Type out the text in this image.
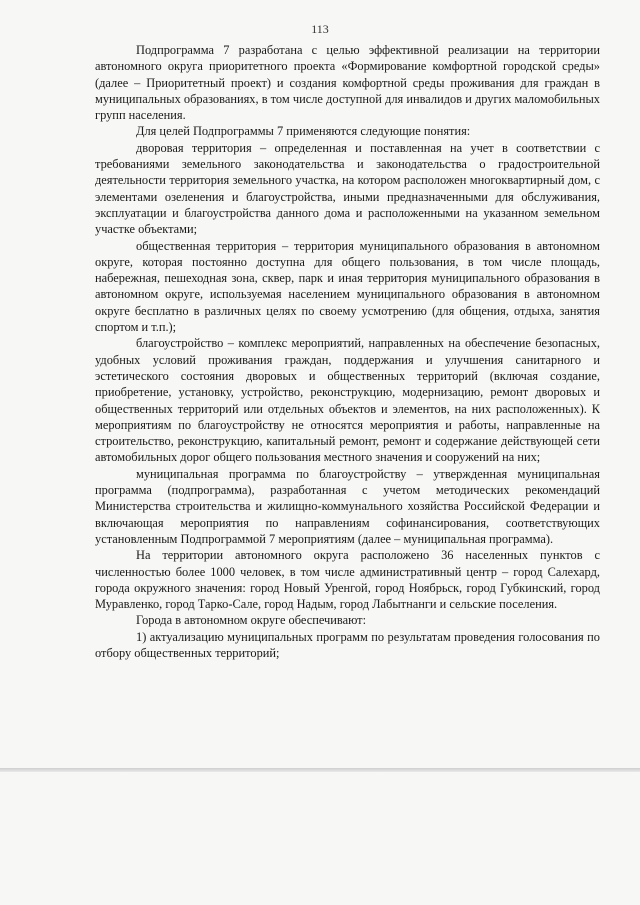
113

Подпрограмма 7 разработана с целью эффективной реализации на территории автономного округа приоритетного проекта «Формирование комфортной городской среды» (далее – Приоритетный проект) и создания комфортной среды проживания для граждан в муниципальных образованиях, в том числе доступной для инвалидов и других маломобильных групп населения.

Для целей Подпрограммы 7 применяются следующие понятия:

дворовая территория – определенная и поставленная на учет в соответствии с требованиями земельного законодательства и законодательства о градостроительной деятельности территория земельного участка, на котором расположен многоквартирный дом, с элементами озеленения и благоустройства, иными предназначенными для обслуживания, эксплуатации и благоустройства данного дома и расположенными на указанном земельном участке объектами;

общественная территория – территория муниципального образования в автономном округе, которая постоянно доступна для общего пользования, в том числе площадь, набережная, пешеходная зона, сквер, парк и иная территория муниципального образования в автономном округе, используемая населением муниципального образования в автономном округе бесплатно в различных целях по своему усмотрению (для общения, отдыха, занятия спортом и т.п.);

благоустройство – комплекс мероприятий, направленных на обеспечение безопасных, удобных условий проживания граждан, поддержания и улучшения санитарного и эстетического состояния дворовых и общественных территорий (включая создание, приобретение, установку, устройство, реконструкцию, модернизацию, ремонт дворовых и общественных территорий или отдельных объектов и элементов, на них расположенных). К мероприятиям по благоустройству не относятся мероприятия и работы, направленные на строительство, реконструкцию, капитальный ремонт, ремонт и содержание действующей сети автомобильных дорог общего пользования местного значения и сооружений на них;

муниципальная программа по благоустройству – утвержденная муниципальная программа (подпрограмма), разработанная с учетом методических рекомендаций Министерства строительства и жилищно-коммунального хозяйства Российской Федерации и включающая мероприятия по направлениям софинансирования, соответствующих установленным Подпрограммой 7 мероприятиям (далее – муниципальная программа).

На территории автономного округа расположено 36 населенных пунктов с численностью более 1000 человек, в том числе административный центр – город Салехард, города окружного значения: город Новый Уренгой, город Ноябрьск, город Губкинский, город Муравленко, город Тарко-Сале, город Надым, город Лабытнанги и сельские поселения.

Города в автономном округе обеспечивают:

1) актуализацию муниципальных программ по результатам проведения голосования по отбору общественных территорий;
